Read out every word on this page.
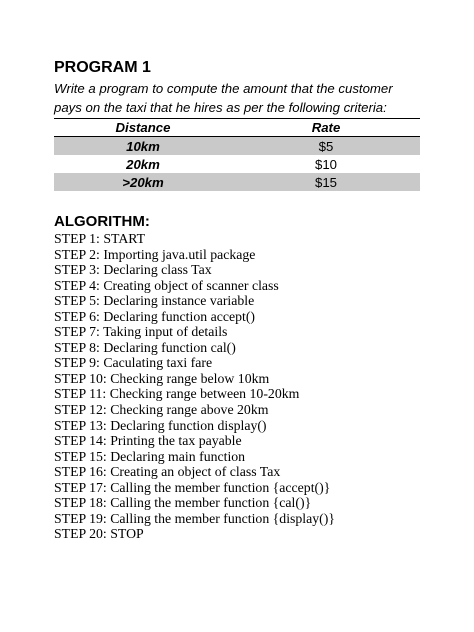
PROGRAM 1

Write a program to compute the amount that the customer

pays on the taxi that he hires as per the following criteria:

Distance	Rate
10km	$5
20km	$10
>20km	$15
ALGORITHM:
STEP 1: START
STEP 2: Importing java.util package
STEP 3: Declaring class Tax
STEP 4: Creating object of scanner class
STEP 5: Declaring instance variable
STEP 6: Declaring function accept()
STEP 7: Taking input of details
STEP 8: Declaring function cal()
STEP 9: Caculating taxi fare
STEP 10: Checking range below 10km
STEP 11: Checking range between 10-20km
STEP 12: Checking range above 20km
STEP 13: Declaring function display()
STEP 14: Printing the tax payable
STEP 15: Declaring main function
STEP 16: Creating an object of class Tax
STEP 17: Calling the member function {accept()}
STEP 18: Calling the member function {cal()}
STEP 19: Calling the member function {display()}
STEP 20: STOP
